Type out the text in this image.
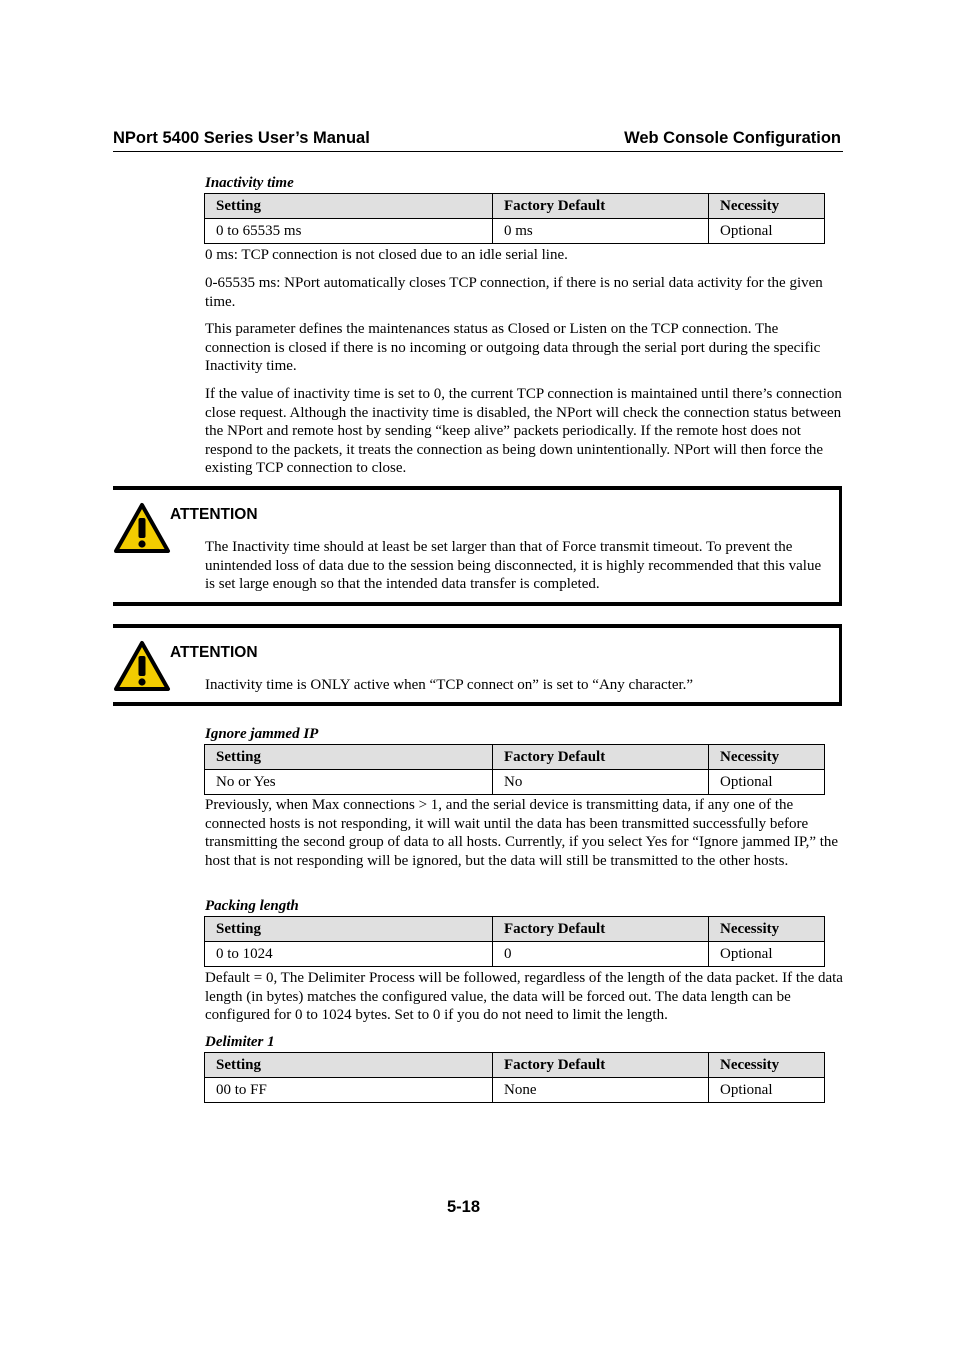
NPort 5400 Series User’s Manual	Web Console Configuration
Inactivity time
Setting	Factory Default	Necessity
0 to 65535 ms	0 ms	Optional

0 ms: TCP connection is not closed due to an idle serial line.

0-65535 ms: NPort automatically closes TCP connection, if there is no serial data activity for the given time.

This parameter defines the maintenances status as Closed or Listen on the TCP connection. The connection is closed if there is no incoming or outgoing data through the serial port during the specific Inactivity time.

If the value of inactivity time is set to 0, the current TCP connection is maintained until there’s connection close request. Although the inactivity time is disabled, the NPort will check the connection status between the NPort and remote host by sending “keep alive” packets periodically. If the remote host does not respond to the packets, it treats the connection as being down unintentionally. NPort will then force the existing TCP connection to close.

ATTENTION

The Inactivity time should at least be set larger than that of Force transmit timeout. To prevent the unintended loss of data due to the session being disconnected, it is highly recommended that this value is set large enough so that the intended data transfer is completed.

ATTENTION

Inactivity time is ONLY active when “TCP connect on” is set to “Any character.”

Ignore jammed IP
Setting	Factory Default	Necessity
No or Yes	No	Optional

Previously, when Max connections > 1, and the serial device is transmitting data, if any one of the connected hosts is not responding, it will wait until the data has been transmitted successfully before transmitting the second group of data to all hosts. Currently, if you select Yes for “Ignore jammed IP,” the host that is not responding will be ignored, but the data will still be transmitted to the other hosts.

Packing length
Setting	Factory Default	Necessity
0 to 1024	0	Optional

Default = 0, The Delimiter Process will be followed, regardless of the length of the data packet. If the data length (in bytes) matches the configured value, the data will be forced out. The data length can be configured for 0 to 1024 bytes. Set to 0 if you do not need to limit the length.

Delimiter 1
Setting	Factory Default	Necessity
00 to FF	None	Optional
5-18
